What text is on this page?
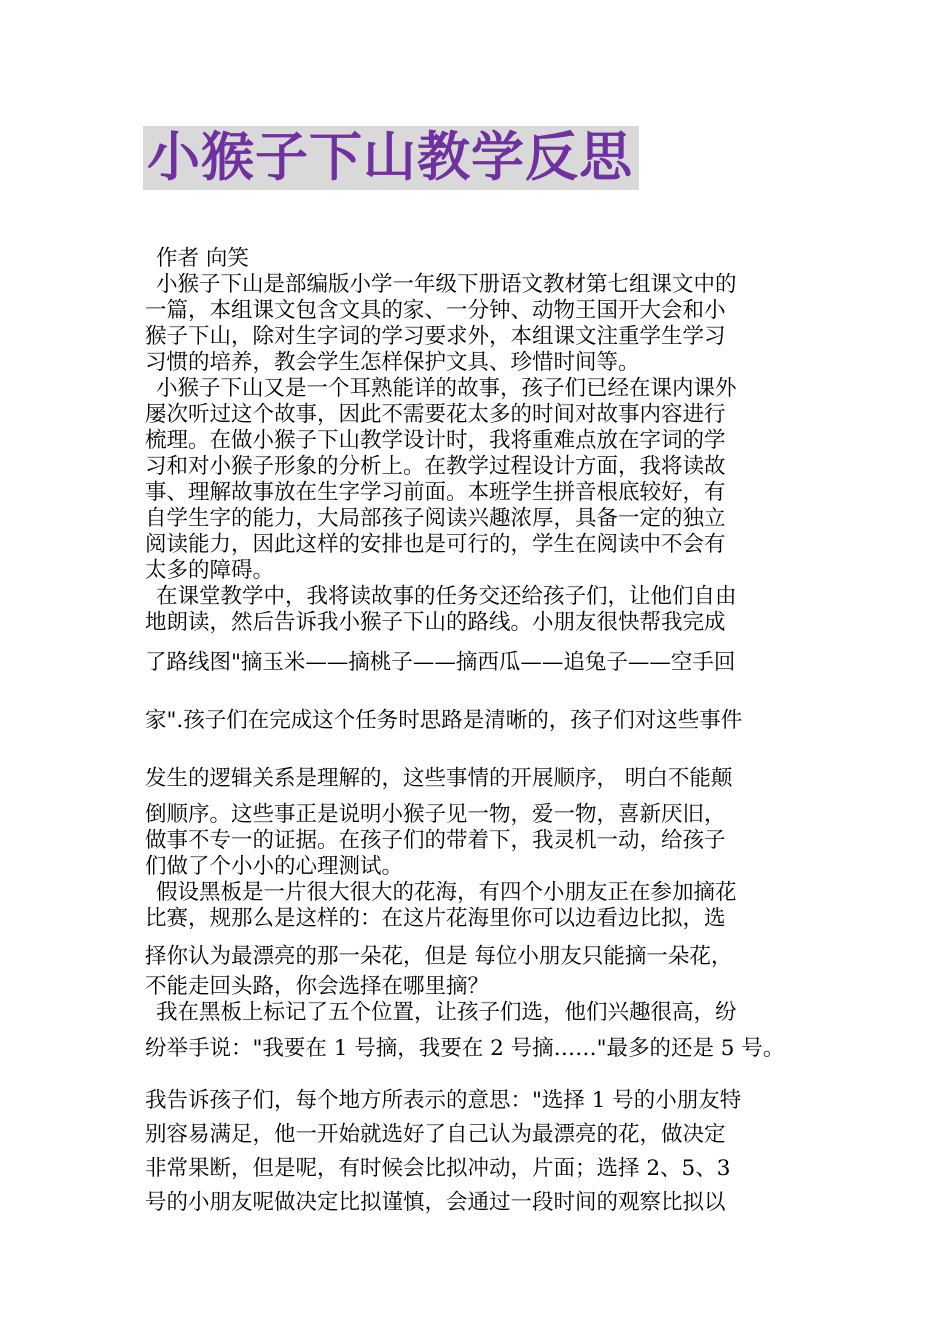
小猴子下山教学反思

作者 向笑

小猴子下山是部编版小学一年级下册语文教材第七组课文中的
一篇，本组课文包含文具的家、一分钟、动物王国开大会和小
猴子下山，除对生字词的学习要求外，本组课文注重学生学习
习惯的培养，教会学生怎样保护文具、珍惜时间等。

小猴子下山又是一个耳熟能详的故事，孩子们已经在课内课外
屡次听过这个故事，因此不需要花太多的时间对故事内容进行
梳理。在做小猴子下山教学设计时，我将重难点放在字词的学
习和对小猴子形象的分析上。在教学过程设计方面，我将读故
事、理解故事放在生字学习前面。本班学生拼音根底较好，有
自学生字的能力，大局部孩子阅读兴趣浓厚，具备一定的独立
阅读能力，因此这样的安排也是可行的，学生在阅读中不会有
太多的障碍。

在课堂教学中，我将读故事的任务交还给孩子们，让他们自由
地朗读，然后告诉我小猴子下山的路线。小朋友很快帮我完成
了路线图"摘玉米——摘桃子——摘西瓜——追兔子——空手回
家".孩子们在完成这个任务时思路是清晰的，孩子们对这些事件
发生的逻辑关系是理解的，这些事情的开展顺序， 明白不能颠
倒顺序。这些事正是说明小猴子见一物，爱一物，喜新厌旧，
做事不专一的证据。在孩子们的带着下，我灵机一动，给孩子
们做了个小小的心理测试。

假设黑板是一片很大很大的花海，有四个小朋友正在参加摘花
比赛，规那么是这样的：在这片花海里你可以边看边比拟，选
择你认为最漂亮的那一朵花，但是 每位小朋友只能摘一朵花，
不能走回头路，你会选择在哪里摘？

我在黑板上标记了五个位置，让孩子们选，他们兴趣很高，纷
纷举手说："我要在 1 号摘，我要在 2 号摘……"最多的还是 5 号。
我告诉孩子们，每个地方所表示的意思："选择 1 号的小朋友特
别容易满足，他一开始就选好了自己认为最漂亮的花，做决定
非常果断，但是呢，有时候会比拟冲动，片面；选择 2、5、3
号的小朋友呢做决定比拟谨慎，会通过一段时间的观察比拟以
